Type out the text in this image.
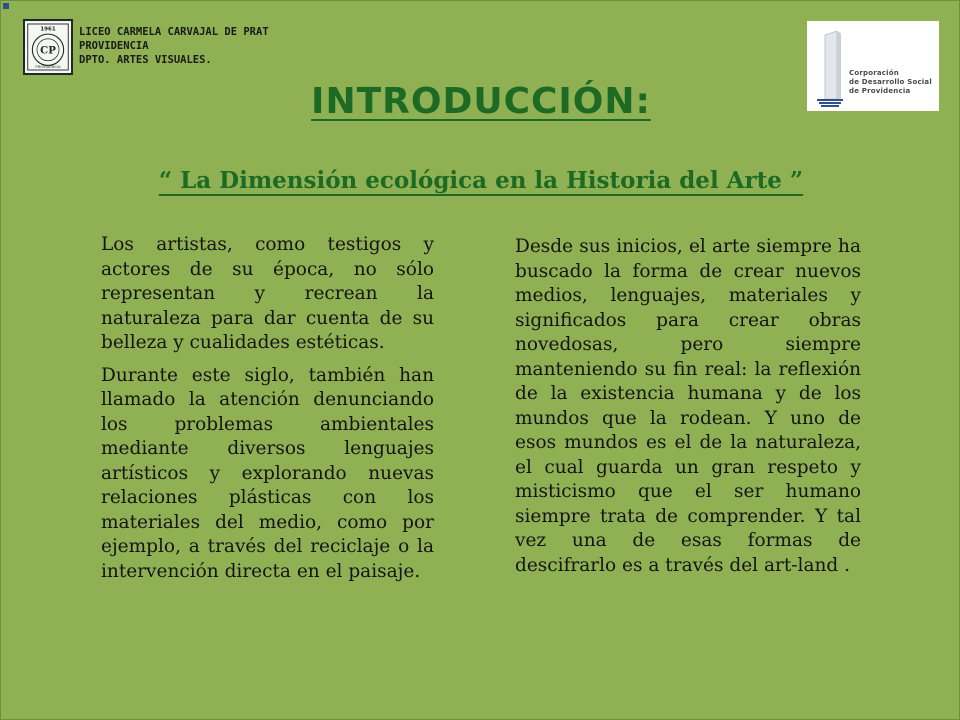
1961
CP
PROVIDENCIA
LICEO CARMELA CARVAJAL DE PRAT
PROVIDENCIA
DPTO. ARTES VISUALES.
Corporación
de Desarrollo Social
de Providencia
INTRODUCCIÓN:
“ La Dimensión ecológica en la Historia del Arte ”

Los artistas, como testigos y actores de su época, no sólo representan y recrean la naturaleza para dar cuenta de su belleza y cualidades estéticas.

Durante este siglo, también han llamado la atención denunciando los problemas ambientales mediante diversos lenguajes artísticos y explorando nuevas relaciones plásticas con los materiales del medio, como por ejemplo, a través del reciclaje o la intervención directa en el paisaje.

Desde sus inicios, el arte siempre ha buscado la forma de crear nuevos medios, lenguajes, materiales y significados para crear obras novedosas, pero siempre manteniendo su fin real: la reflexión de la existencia humana y de los mundos que la rodean. Y uno de esos mundos es el de la naturaleza, el cual guarda un gran respeto y misticismo que el ser humano siempre trata de comprender. Y tal vez una de esas formas de descifrarlo es a través del art-land .
